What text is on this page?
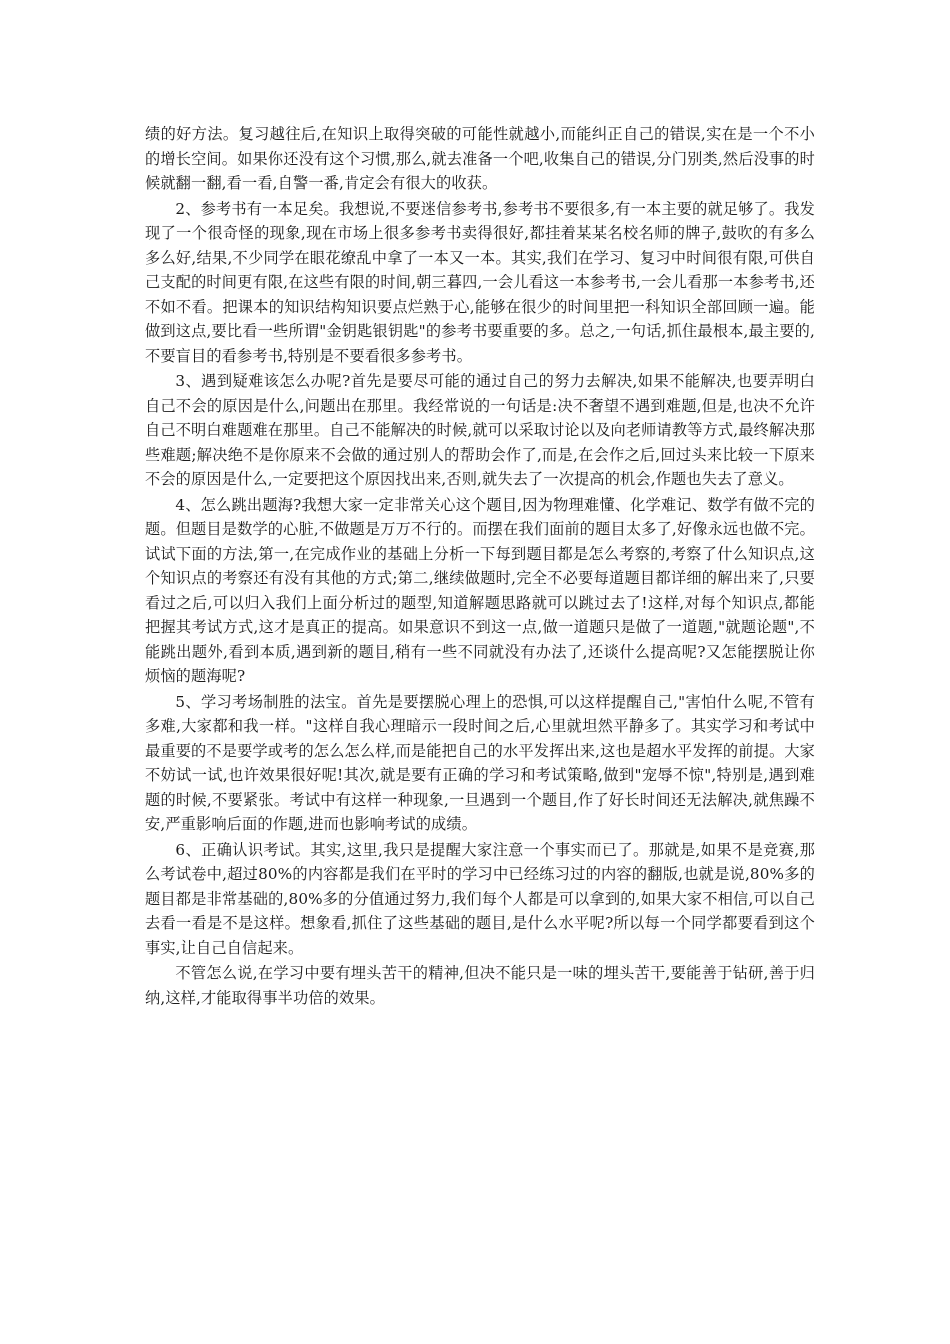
绩的好方法。复习越往后,在知识上取得突破的可能性就越小,而能纠正自己的错误,实在是一个不小的增长空间。如果你还没有这个习惯,那么,就去准备一个吧,收集自己的错误,分门别类,然后没事的时候就翻一翻,看一看,自警一番,肯定会有很大的收获。

2、参考书有一本足矣。我想说,不要迷信参考书,参考书不要很多,有一本主要的就足够了。我发现了一个很奇怪的现象,现在市场上很多参考书卖得很好,都挂着某某名校名师的牌子,鼓吹的有多么多么好,结果,不少同学在眼花缭乱中拿了一本又一本。其实,我们在学习、复习中时间很有限,可供自己支配的时间更有限,在这些有限的时间,朝三暮四,一会儿看这一本参考书,一会儿看那一本参考书,还不如不看。把课本的知识结构知识要点烂熟于心,能够在很少的时间里把一科知识全部回顾一遍。能做到这点,要比看一些所谓"金钥匙银钥匙"的参考书要重要的多。总之,一句话,抓住最根本,最主要的,不要盲目的看参考书,特别是不要看很多参考书。

3、遇到疑难该怎么办呢?首先是要尽可能的通过自己的努力去解决,如果不能解决,也要弄明白自己不会的原因是什么,问题出在那里。我经常说的一句话是:决不奢望不遇到难题,但是,也决不允许自己不明白难题难在那里。自己不能解决的时候,就可以采取讨论以及向老师请教等方式,最终解决那些难题;解决绝不是你原来不会做的通过别人的帮助会作了,而是,在会作之后,回过头来比较一下原来不会的原因是什么,一定要把这个原因找出来,否则,就失去了一次提高的机会,作题也失去了意义。

4、怎么跳出题海?我想大家一定非常关心这个题目,因为物理难懂、化学难记、数学有做不完的题。但题目是数学的心脏,不做题是万万不行的。而摆在我们面前的题目太多了,好像永远也做不完。试试下面的方法,第一,在完成作业的基础上分析一下每到题目都是怎么考察的,考察了什么知识点,这个知识点的考察还有没有其他的方式;第二,继续做题时,完全不必要每道题目都详细的解出来了,只要看过之后,可以归入我们上面分析过的题型,知道解题思路就可以跳过去了!这样,对每个知识点,都能把握其考试方式,这才是真正的提高。如果意识不到这一点,做一道题只是做了一道题,"就题论题",不能跳出题外,看到本质,遇到新的题目,稍有一些不同就没有办法了,还谈什么提高呢?又怎能摆脱让你烦恼的题海呢?

5、学习考场制胜的法宝。首先是要摆脱心理上的恐惧,可以这样提醒自己,"害怕什么呢,不管有多难,大家都和我一样。"这样自我心理暗示一段时间之后,心里就坦然平静多了。其实学习和考试中最重要的不是要学或考的怎么怎么样,而是能把自己的水平发挥出来,这也是超水平发挥的前提。大家不妨试一试,也许效果很好呢!其次,就是要有正确的学习和考试策略,做到"宠辱不惊",特别是,遇到难题的时候,不要紧张。考试中有这样一种现象,一旦遇到一个题目,作了好长时间还无法解决,就焦躁不安,严重影响后面的作题,进而也影响考试的成绩。

6、正确认识考试。其实,这里,我只是提醒大家注意一个事实而已了。那就是,如果不是竞赛,那么考试卷中,超过80%的内容都是我们在平时的学习中已经练习过的内容的翻版,也就是说,80%多的题目都是非常基础的,80%多的分值通过努力,我们每个人都是可以拿到的,如果大家不相信,可以自己去看一看是不是这样。想象看,抓住了这些基础的题目,是什么水平呢?所以每一个同学都要看到这个事实,让自己自信起来。

不管怎么说,在学习中要有埋头苦干的精神,但决不能只是一味的埋头苦干,要能善于钻研,善于归纳,这样,才能取得事半功倍的效果。
